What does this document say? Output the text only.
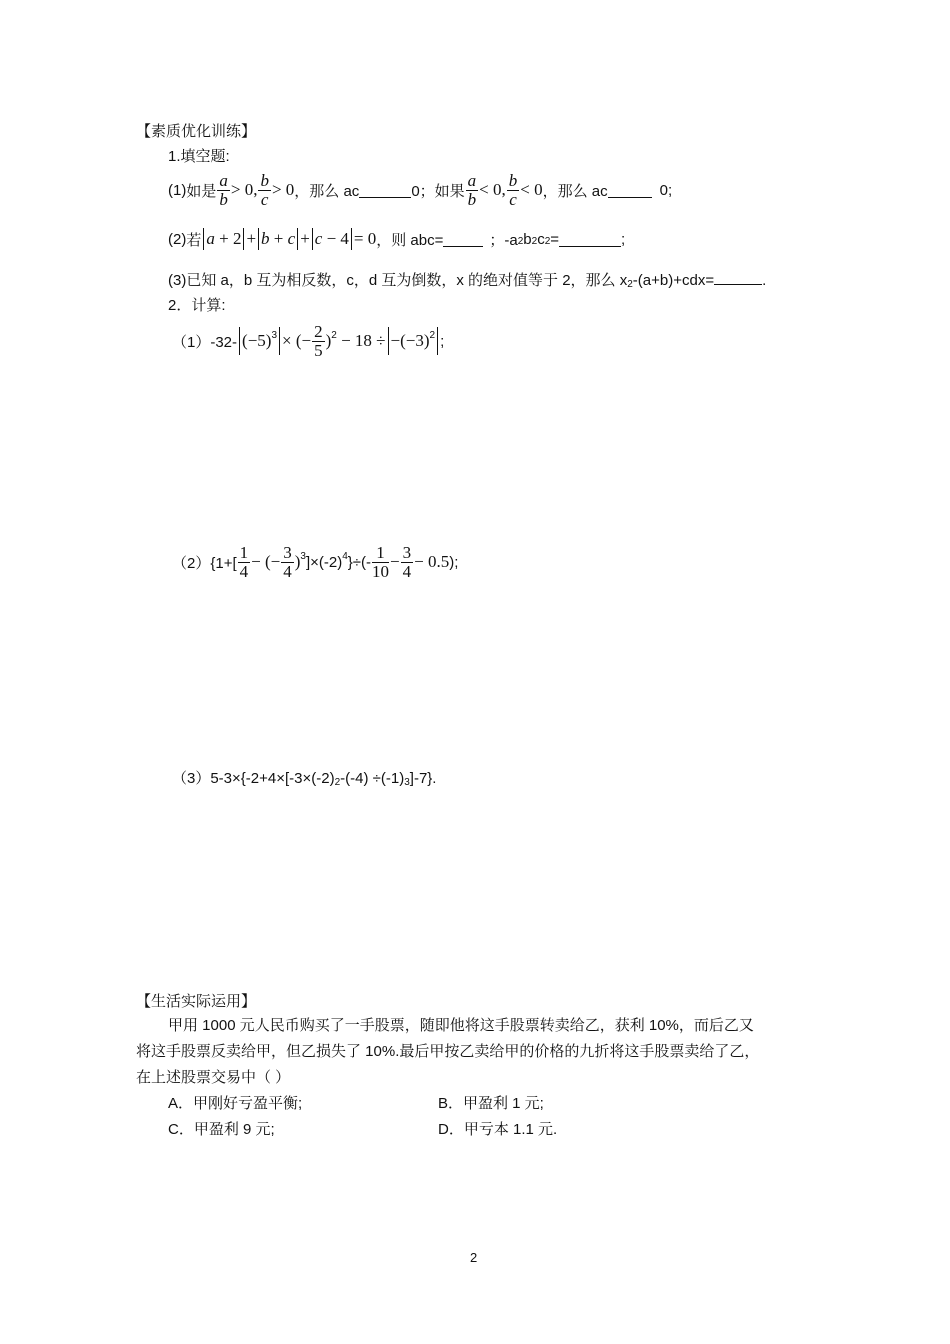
【素质优化训练】
1.填空题:
(1) 如是 $\frac{a}{b} > 0$, $\frac{b}{c} > 0$ ，那么 ac	0；如果 $\frac{a}{b} < 0$, $\frac{b}{c} < 0$ ，那么 ac	0;
(2) 若 a + 2 + b + c + c − 4 = 0 ，则 abc=	；-a 2 b 2 c 2 =	;
(3)已知 a，b 互为相反数，c，d 互为倒数，x 的绝对值等于 2，那么 x2-(a+b)+cdx=	.
2．计算:
（1）-32- (−5) 3 × (− $\frac{2}{5}$ ) 2 − 18 ÷ −(−3) 2 ;
$(2)\{1+[ \frac{1}{4}$ − (− $\frac{3}{4}$ ) 3 ]×(-2) 4 }÷(- $\frac{1}{10} - \frac{3}{4} - 0.5$ );
（3）5-3×{-2+4×[-3×(-2)2-(-4) ÷(-1)3]-7}.
【生活实际运用】
甲用 1000 元人民币购买了一手股票，随即他将这手股票转卖给乙，获利 10%，而后乙又
将这手股票反卖给甲，但乙损失了 10%.最后甲按乙卖给甲的价格的九折将这手股票卖给了乙，
在上述股票交易中（ ）
A．甲刚好亏盈平衡;	B．甲盈利 1 元;
C．甲盈利 9 元;	D．甲亏本 1.1 元.
2
